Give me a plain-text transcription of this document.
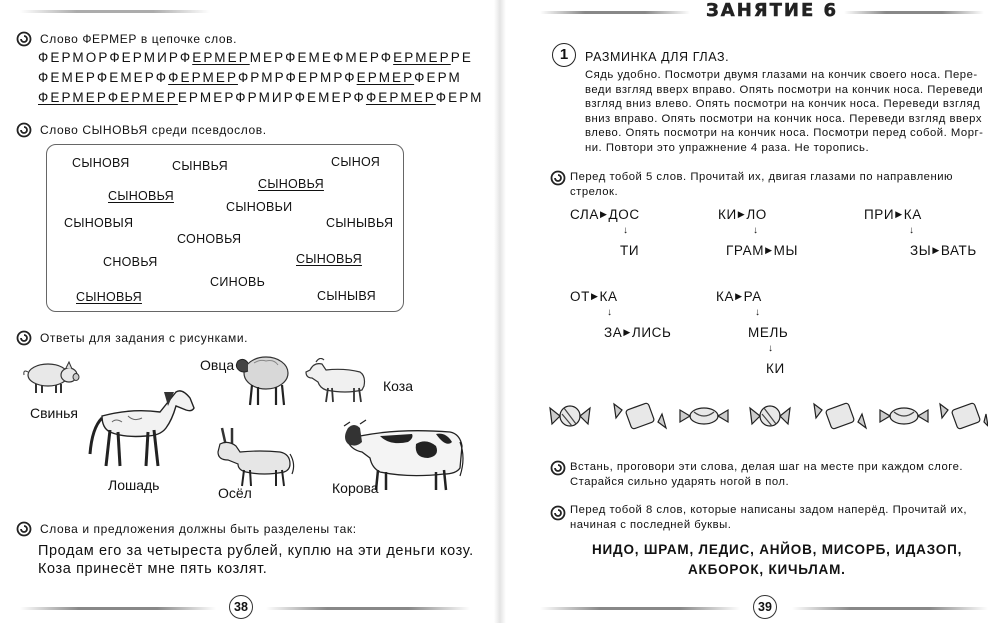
Слово ФЕРМЕР в цепочке слов.
ФЕРМОРФЕРМИРФЕРМЕРМЕРФЕМЕФМЕРФЕРМЕРРЕ
ФЕМЕРФЕМЕРФФЕРМЕРФРМРФЕРМРФЕРМЕРФЕРМ
ФЕРМЕРФЕРМЕРЕРМЕРФРМИРФЕМЕРФФЕРМЕРФЕРМ
Слово СЫНОВЬЯ среди псевдослов.
СЫНОВЯ	СЫНВЬЯ	СЫНОЯ
СЫНОВЬЯ
СЫНОВЬЯ
СЫНОВЬИ
СЫНОВЫЯ	СЫНЫВЬЯ
СОНОВЬЯ
СНОВЬЯ	СЫНОВЬЯ
СИНОВЬ
СЫНОВЬЯ	СЫНЫВЯ
Ответы для задания с рисунками.
Свинья
Лошадь
Овца
Коза
Осёл	Корова
Слова и предложения должны быть разделены так:
Продам его за четыреста рублей, куплю на эти деньги козу.
Коза принесёт мне пять козлят.
38
ЗАНЯТИЕ 6
1	РАЗМИНКА ДЛЯ ГЛАЗ.
Сядь удобно. Посмотри двумя глазами на кончик своего носа. Пере-
веди взгляд вверх вправо. Опять посмотри на кончик носа. Переведи
взгляд вниз влево. Опять посмотри на кончик носа. Переведи взгляд
вниз вправо. Опять посмотри на кончик носа. Переведи взгляд вверх
влево. Опять посмотри на кончик носа. Посмотри перед собой. Морг-
ни. Повтори это упражнение 4 раза. Не торопись.
Перед тобой 5 слов. Прочитай их, двигая глазами по направлению
стрелок.
СЛА▶ДОС
↓
ТИ
КИ▶ЛО
↓
ГРАМ▶МЫ
ПРИ▶КА
↓
ЗЫ▶ВАТЬ
ОТ▶КА
↓
ЗА▶ЛИСЬ
КА▶РА
↓
МЕЛЬ
↓
КИ
Встань, проговори эти слова, делая шаг на месте при каждом слоге.
Старайся сильно ударять ногой в пол.
Перед тобой 8 слов, которые написаны задом наперёд. Прочитай их,
начиная с последней буквы.
НИДО, ШРАМ, ЛЕДИС, АНЙОВ, МИСОРБ, ИДАЗОП,
АКБОРОК, КИЧЬЛАМ.
39
